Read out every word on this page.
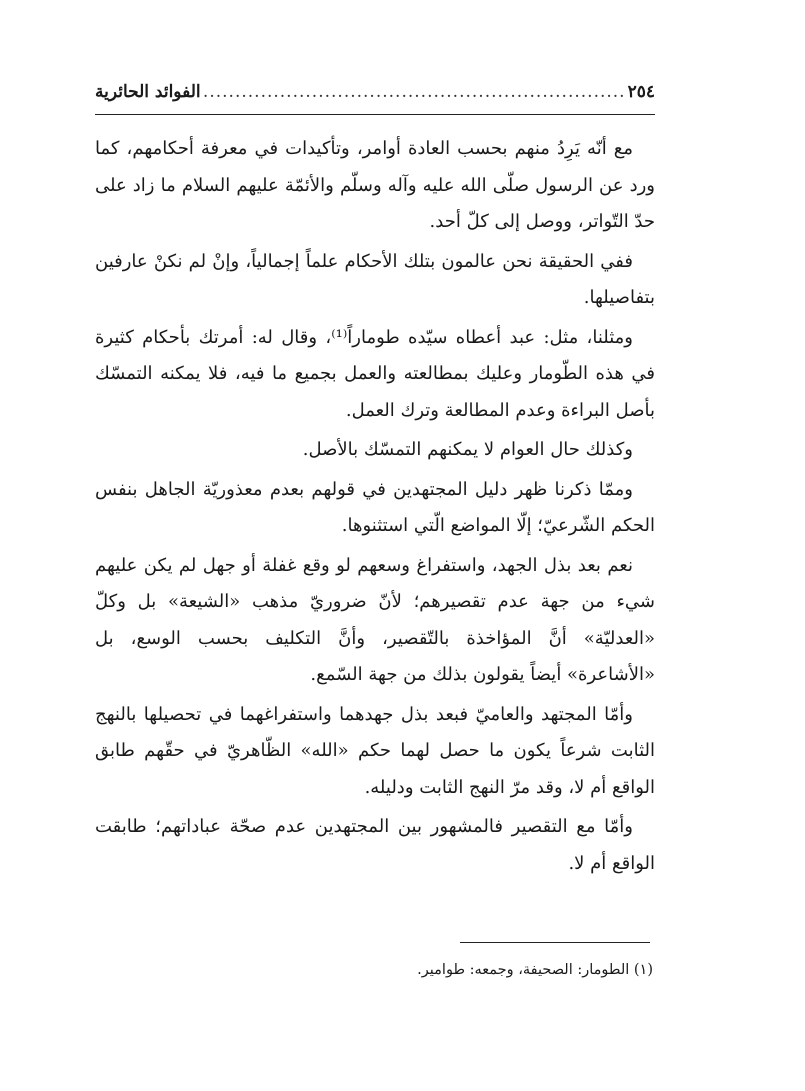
٢٥٤
.....
الفوائد الحائرية

مع أنّه يَرِدُ منهم بحسب العادة أوامر، وتأكيدات في معرفة أحكامهم، كما ورد عن الرسول صلّى الله عليه وآله وسلّم والأئمّة عليهم السلام ما زاد على حدّ التّواتر، ووصل إلى كلّ أحد.

ففي الحقيقة نحن عالمون بتلك الأحكام علماً إجمالياً، وإنْ لم نكنْ عارفين بتفاصيلها.

ومثلنا، مثل: عبد أعطاه سيّده طوماراً⁽¹⁾، وقال له: أمرتك بأحكام كثيرة في هذه الطّومار وعليك بمطالعته والعمل بجميع ما فيه، فلا يمكنه التمسّك بأصل البراءة وعدم المطالعة وترك العمل.

وكذلك حال العوام لا يمكنهم التمسّك بالأصل.

وممّا ذكرنا ظهر دليل المجتهدين في قولهم بعدم معذوريّة الجاهل بنفس الحكم الشّرعيّ؛ إلّا المواضع الّتي استثنوها.

نعم بعد بذل الجهد، واستفراغ وسعهم لو وقع غفلة أو جهل لم يكن عليهم شيء من جهة عدم تقصيرهم؛ لأنّ ضروريّ مذهب «الشيعة» بل وكلّ «العدليّة» أنَّ المؤاخذة بالتّقصير، وأنَّ التكليف بحسب الوسع، بل «الأشاعرة» أيضاً يقولون بذلك من جهة السّمع.

وأمّا المجتهد والعاميّ فبعد بذل جهدهما واستفراغهما في تحصيلها بالنهج الثابت شرعاً يكون ما حصل لهما حكم «الله» الظّاهريّ في حقّهم طابق الواقع أم لا، وقد مرّ النهج الثابت ودليله.

وأمّا مع التقصير فالمشهور بين المجتهدين عدم صحّة عباداتهم؛ طابقت الواقع أم لا.

(١) الطومار: الصحيفة، وجمعه: طوامير.
